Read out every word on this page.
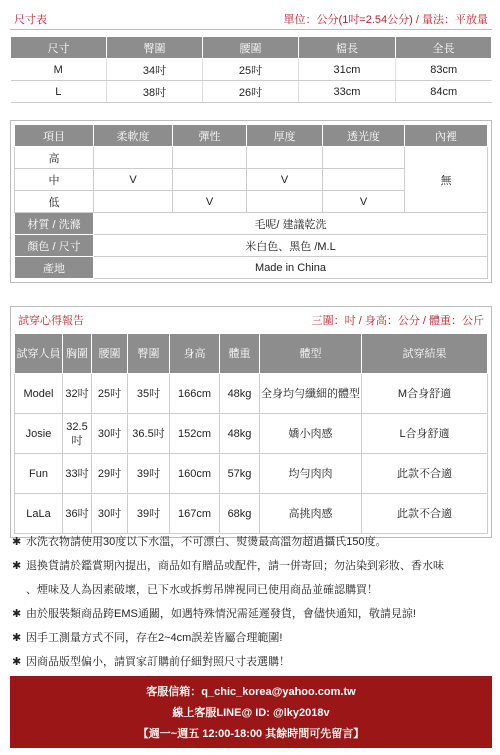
尺寸表	單位：公分(1吋=2.54公分) / 量法：平放量
尺寸	臀圍	腰圍	檔長	全長
M	34吋	25吋	31cm	83cm
L	38吋	26吋	33cm	84cm
項目	柔軟度	彈性	厚度	透光度	內裡
高					無
中	V		V		
低		V		V	
材質 / 洗滌	毛呢/ 建議乾洗				
顏色 / 尺寸	米白色、黑色 /M.L				
產地	Made in China				
試穿心得報告	三圍：吋 / 身高：公分 / 體重：公斤
試穿人員	胸圍	腰圍	臀圍	身高	體重	體型	試穿結果
Model	32吋	25吋	35吋	166cm	48kg	全身均勻纖細的體型	M合身舒適
Josie	32.5吋	30吋	36.5吋	152cm	48kg	嬌小肉感	L合身舒適
Fun	33吋	29吋	39吋	160cm	57kg	均勻肉肉	此款不合適
LaLa	36吋	30吋	39吋	167cm	68kg	高挑肉感	此款不合適
✱ 水洗衣物請使用30度以下水溫，不可漂白、熨燙最高溫勿超過攝氏150度。
✱ 退換貨請於鑑賞期內提出，商品如有贈品或配件，請一併寄回；勿沾染到彩妝、香水味
、煙味及人為因素破壞，已下水或拆剪吊牌視同已使用商品並確認購買！
✱ 由於服裝類商品跨EMS通關，如遇特殊情況需延遲發貨，會儘快通知，敬請見諒!
✱ 因手工測量方式不同，存在2~4cm誤差皆屬合理範圍!
✱ 因商品版型偏小，請買家訂購前仔細對照尺寸表選購！
客服信箱：q_chic_korea@yahoo.com.tw
線上客服LINE@ ID: @lky2018v
【週一~週五 12:00-18:00 其餘時間可先留言】
